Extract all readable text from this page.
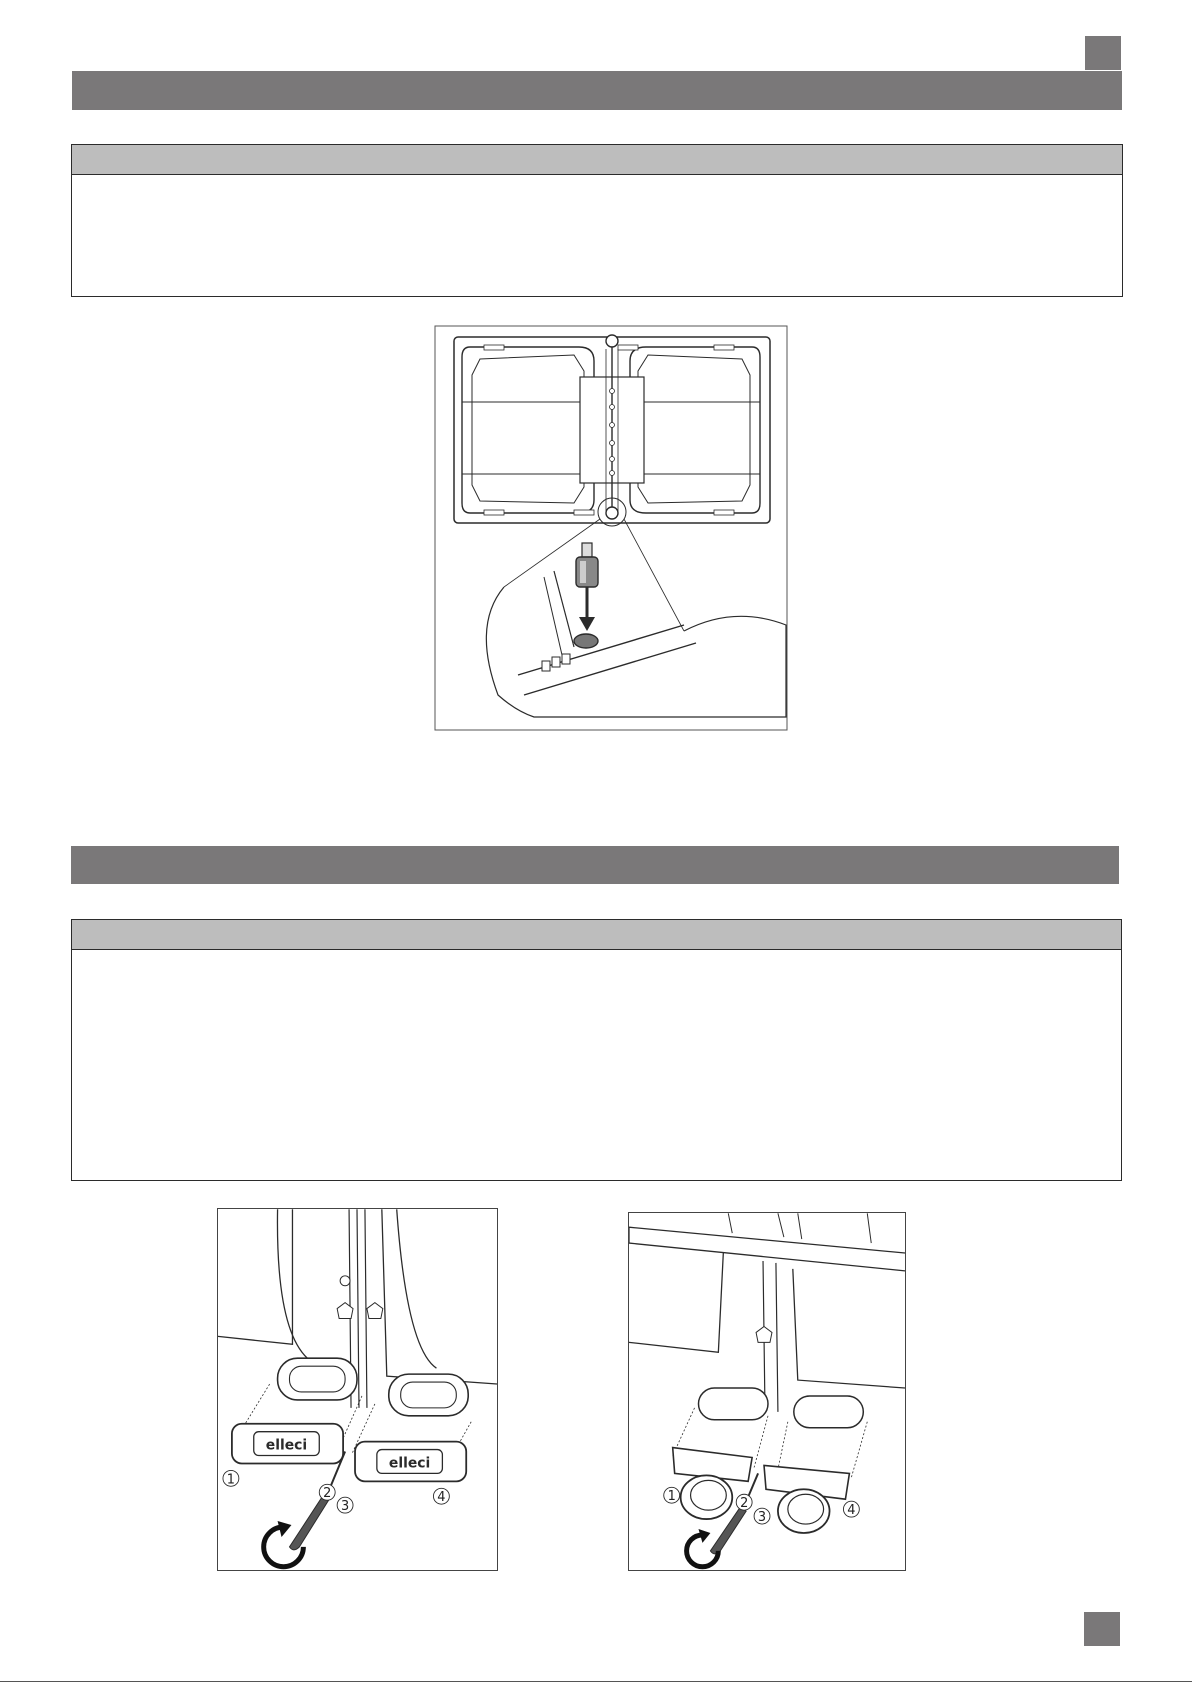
elleci
elleci
1
2
3
4	1	2
3	4
